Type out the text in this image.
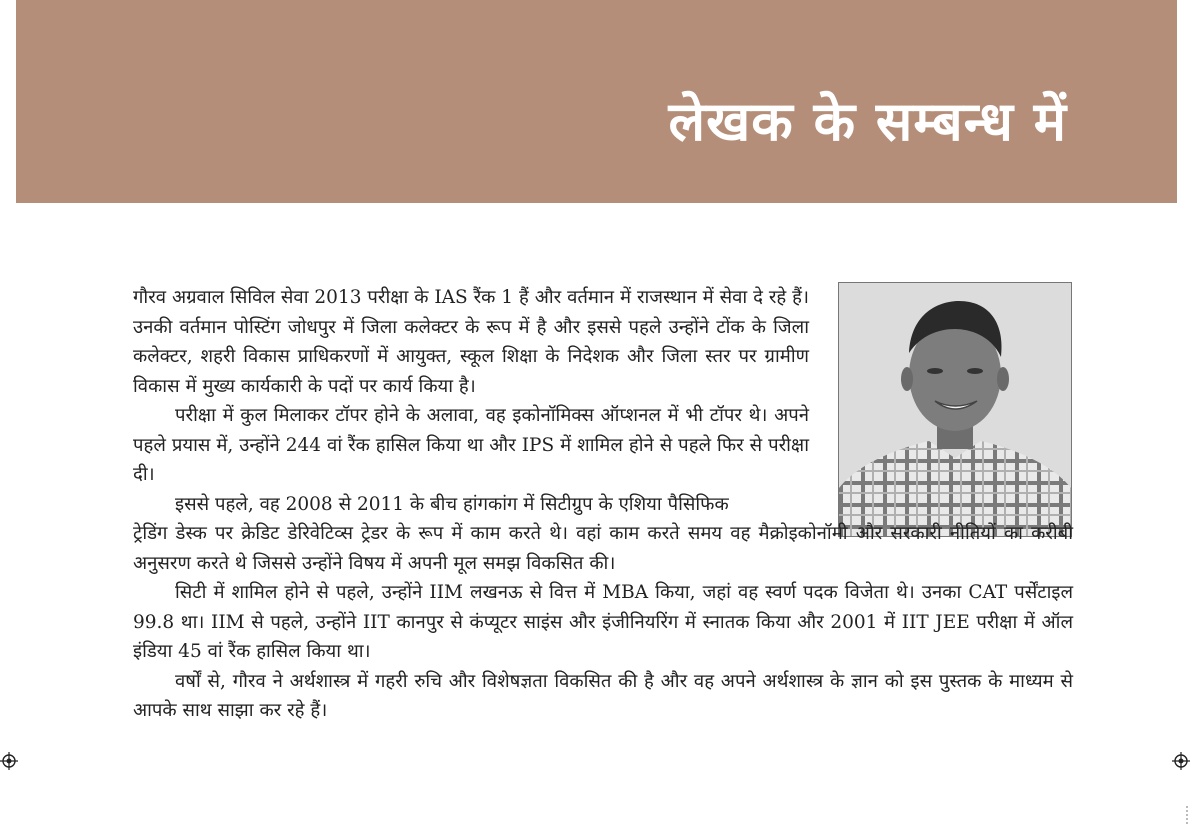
लेखक के सम्बन्ध में

गौरव अग्रवाल सिविल सेवा 2013 परीक्षा के IAS रैंक 1 हैं और वर्तमान में राजस्थान में सेवा दे रहे हैं। उनकी वर्तमान पोस्टिंग जोधपुर में जिला कलेक्टर के रूप में है और इससे पहले उन्होंने टोंक के जिला कलेक्टर, शहरी विकास प्राधिकरणों में आयुक्त, स्कूल शिक्षा के निदेशक और जिला स्तर पर ग्रामीण विकास में मुख्य कार्यकारी के पदों पर कार्य किया है।

परीक्षा में कुल मिलाकर टॉपर होने के अलावा, वह इकोनॉमिक्स ऑप्शनल में भी टॉपर थे। अपने पहले प्रयास में, उन्होंने 244 वां रैंक हासिल किया था और IPS में शामिल होने से पहले फिर से परीक्षा दी।

इससे पहले, वह 2008 से 2011 के बीच हांगकांग में सिटीग्रुप के एशिया पैसिफिक

ट्रेडिंग डेस्क पर क्रेडिट डेरिवेटिव्स ट्रेडर के रूप में काम करते थे। वहां काम करते समय वह मैक्रोइकोनॉमी और सरकारी नीतियों का करीबी अनुसरण करते थे जिससे उन्होंने विषय में अपनी मूल समझ विकसित की।

सिटी में शामिल होने से पहले, उन्होंने IIM लखनऊ से वित्त में MBA किया, जहां वह स्वर्ण पदक विजेता थे। उनका CAT पर्सेंटाइल 99.8 था। IIM से पहले, उन्होंने IIT कानपुर से कंप्यूटर साइंस और इंजीनियरिंग में स्नातक किया और 2001 में IIT JEE परीक्षा में ऑल इंडिया 45 वां रैंक हासिल किया था।

वर्षों से, गौरव ने अर्थशास्त्र में गहरी रुचि और विशेषज्ञता विकसित की है और वह अपने अर्थशास्त्र के ज्ञान को इस पुस्तक के माध्यम से आपके साथ साझा कर रहे हैं।
